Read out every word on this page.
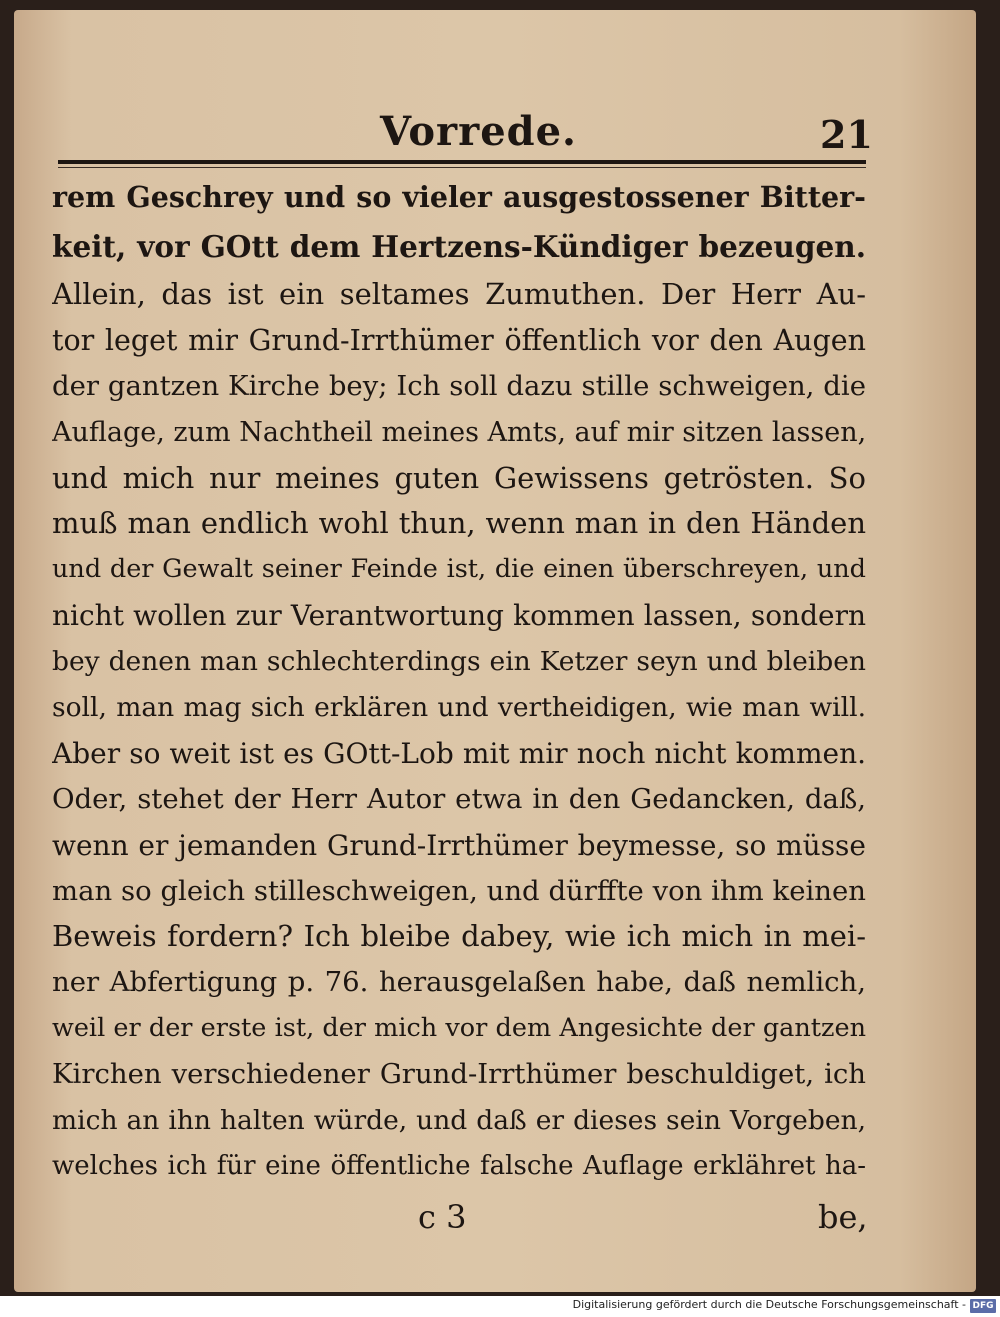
Vorrede.	21
rem Geschrey und so vieler ausgestossener Bitter-
keit, vor GOtt dem Hertzens-Kündiger bezeugen.
Allein, das ist ein seltames Zumuthen. Der Herr Au-
tor leget mir Grund-Irrthümer öffentlich vor den Augen
der gantzen Kirche bey; Ich soll dazu stille schweigen, die
Auflage, zum Nachtheil meines Amts, auf mir sitzen lassen,
und mich nur meines guten Gewissens getrösten. So
muß man endlich wohl thun, wenn man in den Händen
und der Gewalt seiner Feinde ist, die einen überschreyen, und
nicht wollen zur Verantwortung kommen lassen, sondern
bey denen man schlechterdings ein Ketzer seyn und bleiben
soll, man mag sich erklären und vertheidigen, wie man will.
Aber so weit ist es GOtt-Lob mit mir noch nicht kommen.
Oder, stehet der Herr Autor etwa in den Gedancken, daß,
wenn er jemanden Grund-Irrthümer beymesse, so müsse
man so gleich stilleschweigen, und dürffte von ihm keinen
Beweis fordern? Ich bleibe dabey, wie ich mich in mei-
ner Abfertigung p. 76. herausgelaßen habe, daß nemlich,
weil er der erste ist, der mich vor dem Angesichte der gantzen
Kirchen verschiedener Grund-Irrthümer beschuldiget, ich
mich an ihn halten würde, und daß er dieses sein Vorgeben,
welches ich für eine öffentliche falsche Auflage erklähret ha-
c 3	be,
Digitalisierung gefördert durch die Deutsche Forschungsgemeinschaft - DFG
